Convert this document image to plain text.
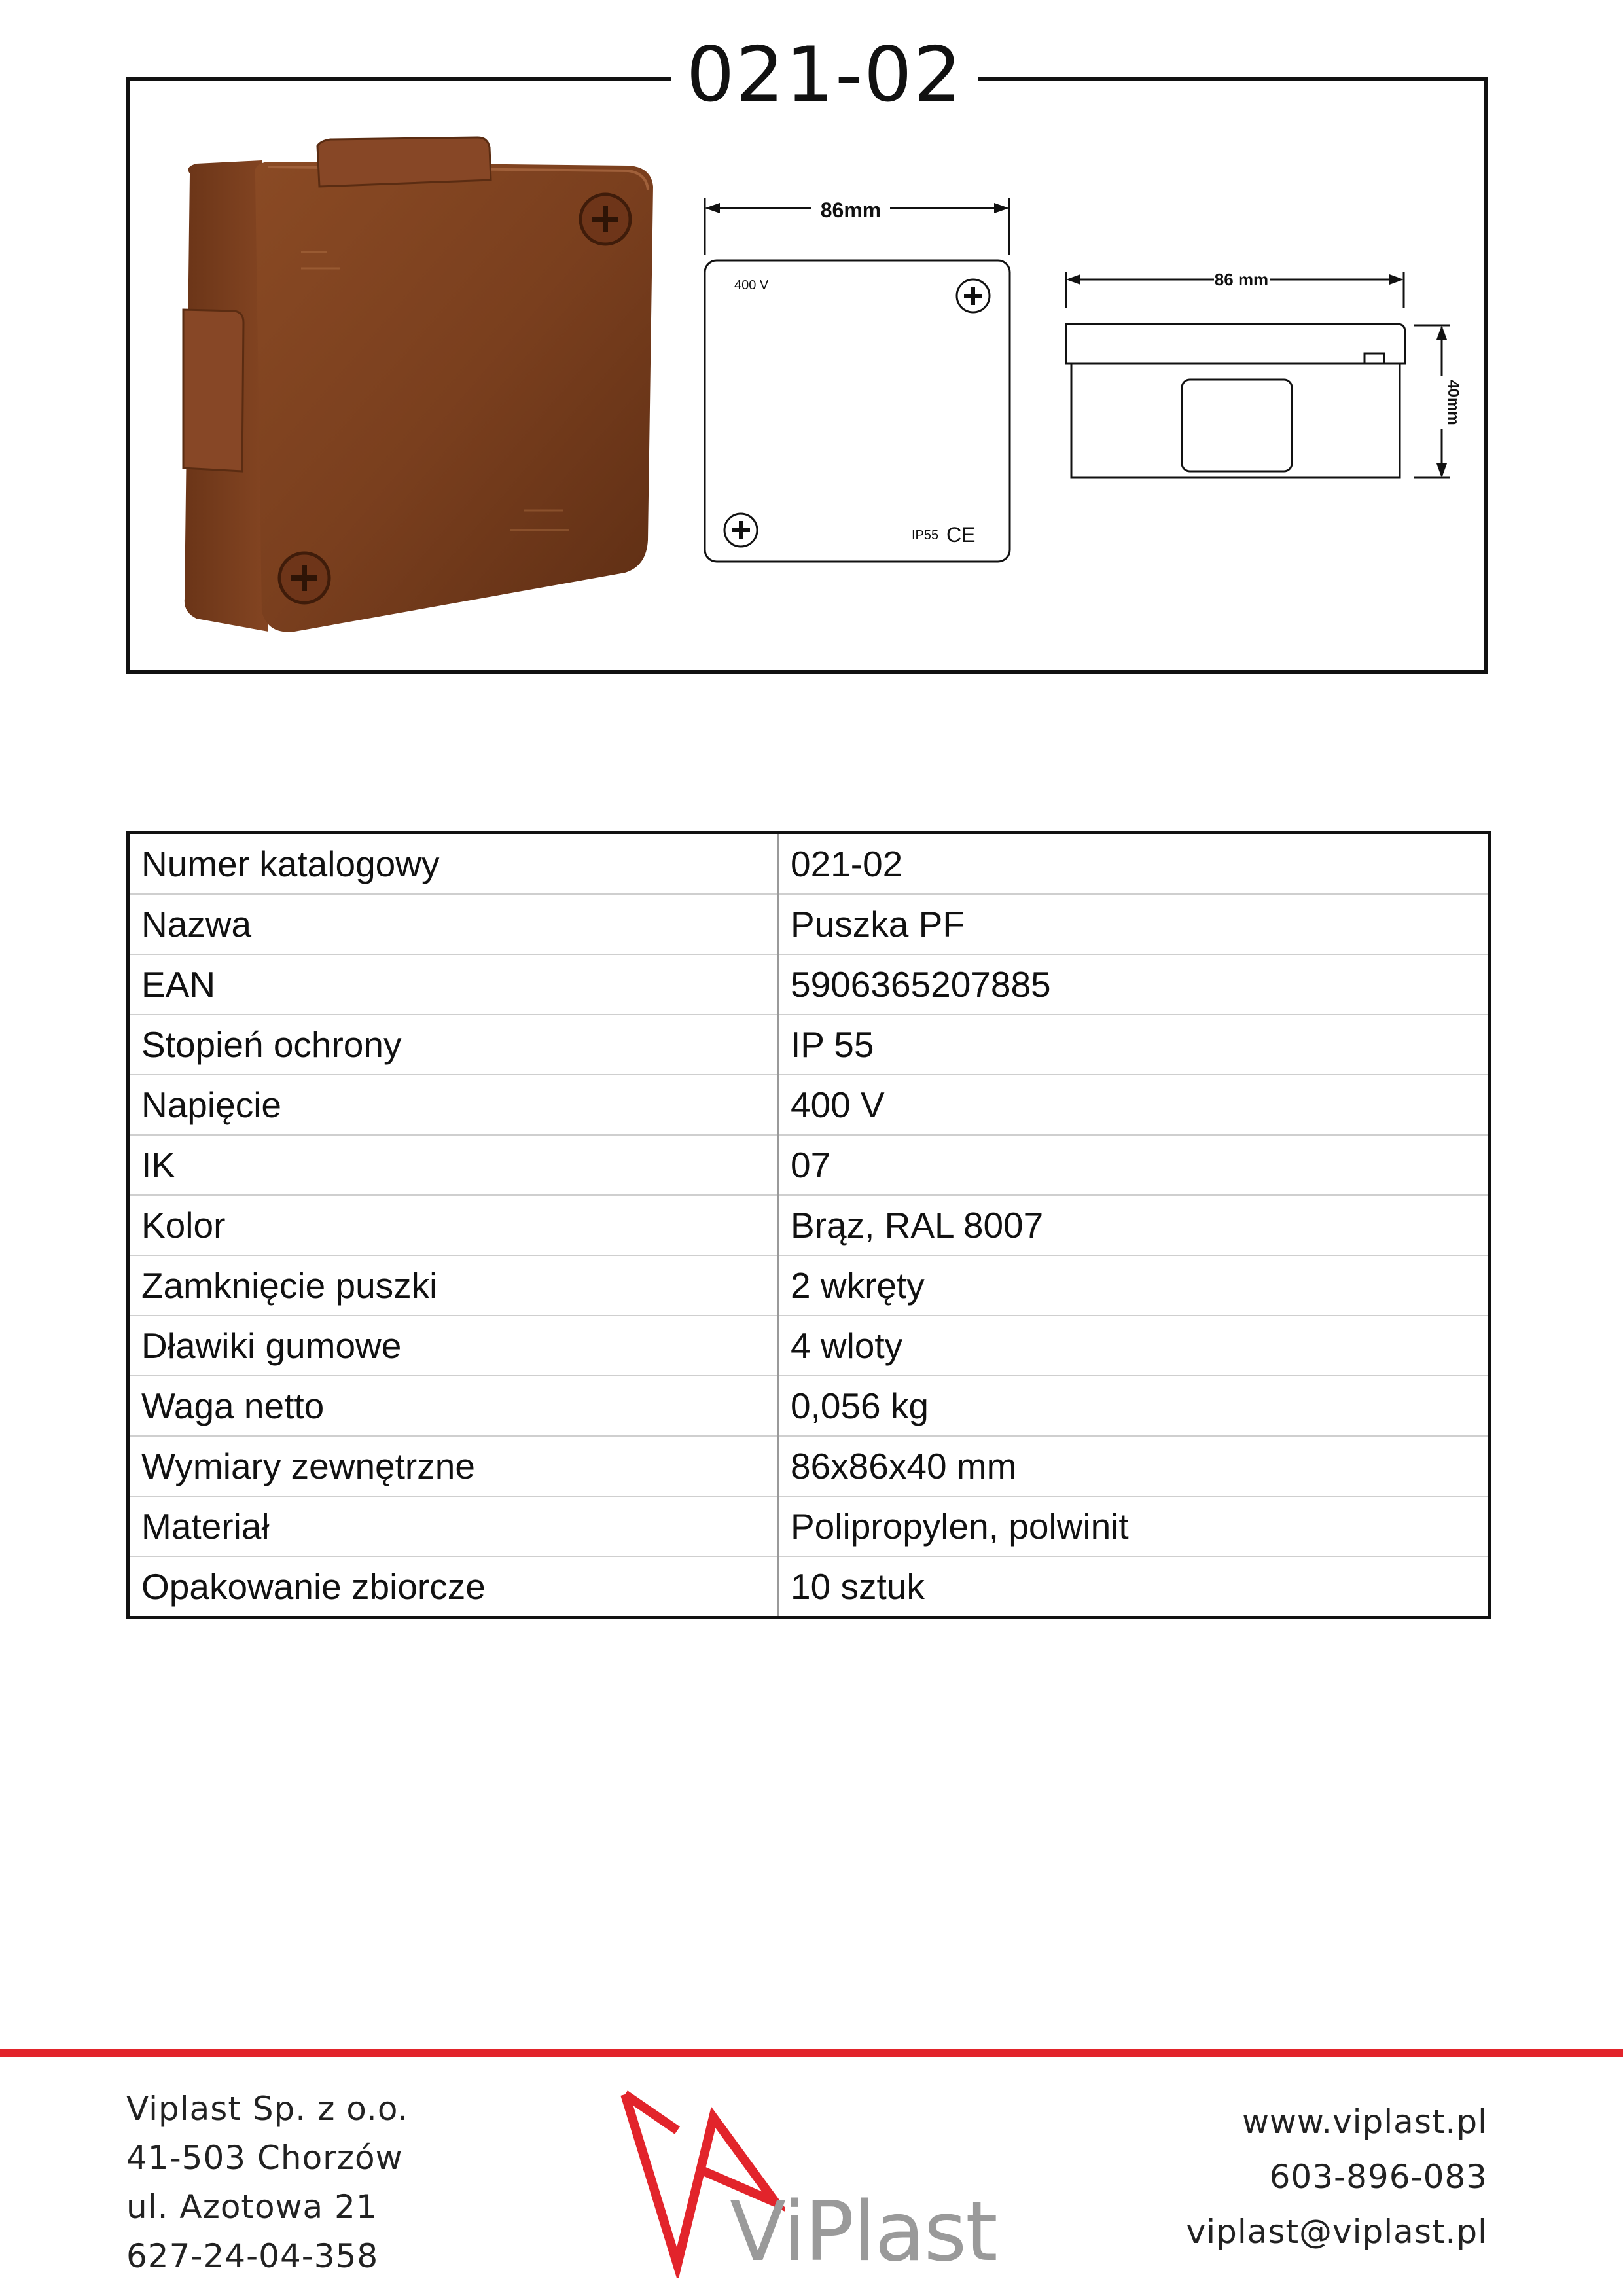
021-02
86mm
400 V
IP55 CE
86 mm
40mm
Numer katalogowy	021-02
Nazwa	Puszka PF
EAN	5906365207885
Stopień ochrony	IP 55
Napięcie	400 V
IK	07
Kolor	Brąz, RAL 8007
Zamknięcie puszki	2 wkręty
Dławiki gumowe	4 wloty
Waga netto	0,056 kg
Wymiary zewnętrzne	86x86x40 mm
Materiał	Polipropylen, polwinit
Opakowanie zbiorcze	10 sztuk
Viplast Sp. z o.o.
41-503 Chorzów
ul. Azotowa 21
627-24-04-358	ViPlast
www.viplast.pl
603-896-083
viplast@viplast.pl
